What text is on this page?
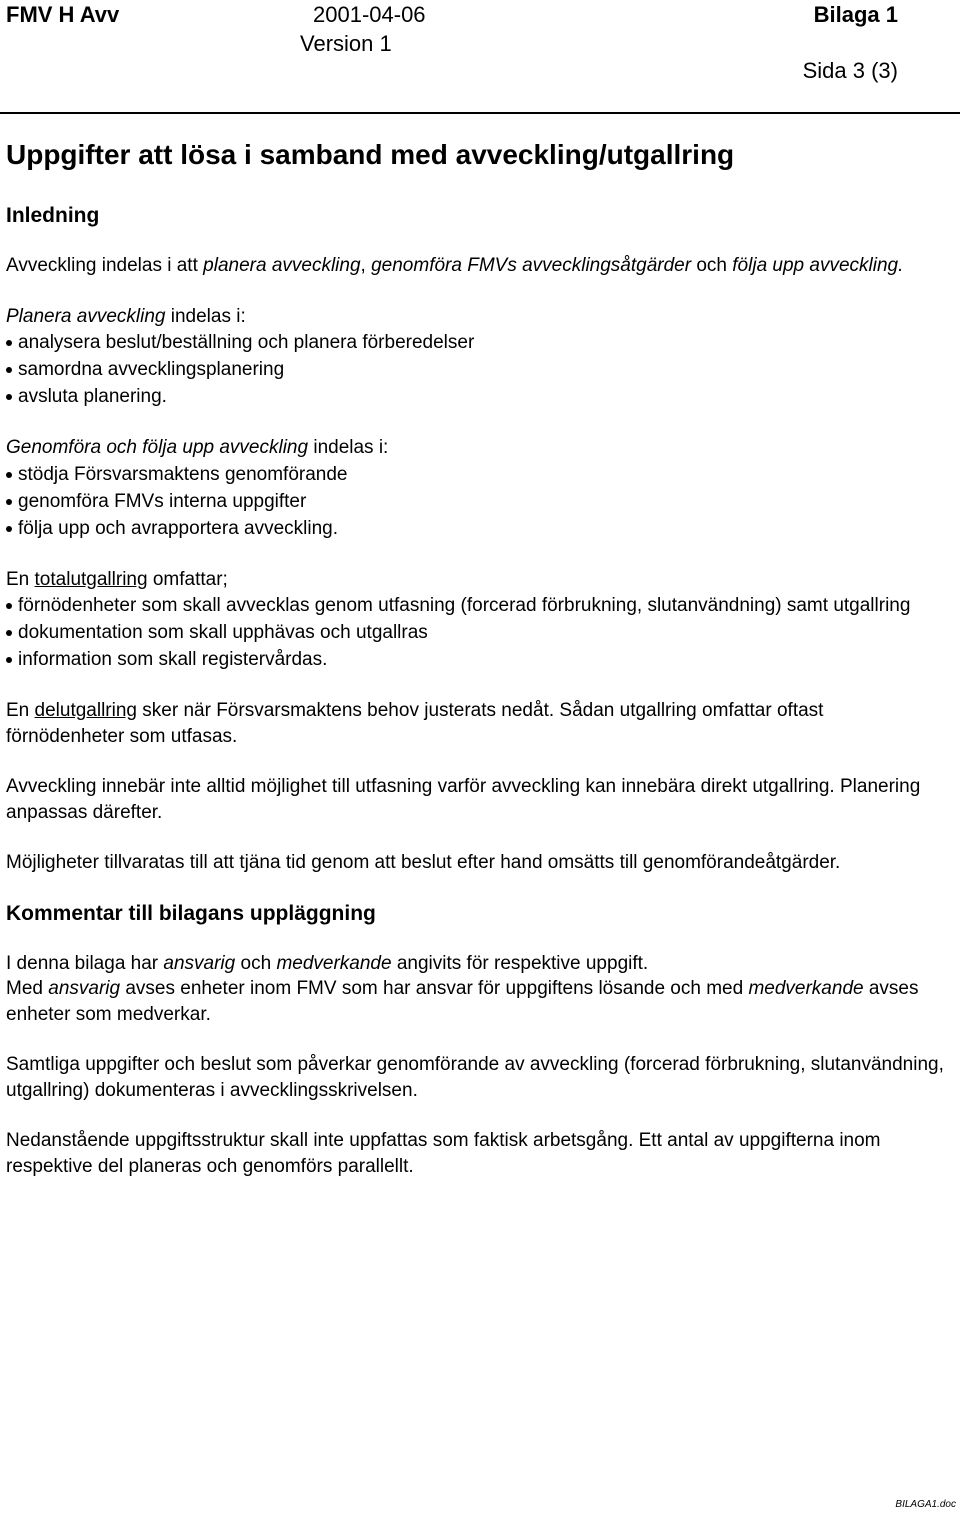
FMV H Avv	2001-04-06
Version 1
Bilaga 1
Sida 3 (3)
Uppgifter att lösa i samband med avveckling/utgallring
Inledning

Avveckling indelas i att planera avveckling, genomföra FMVs avvecklingsåtgärder och följa upp avveckling.

Planera avveckling indelas i:

analysera beslut/beställning och planera förberedelser
samordna avvecklingsplanering
avsluta planering.

Genomföra och följa upp avveckling indelas i:

stödja Försvarsmaktens genomförande
genomföra FMVs interna uppgifter
följa upp och avrapportera avveckling.

En totalutgallring omfattar;

förnödenheter som skall avvecklas genom utfasning (forcerad förbrukning, slutanvändning) samt utgallring
dokumentation som skall upphävas och utgallras
information som skall registervårdas.

En delutgallring sker när Försvarsmaktens behov justerats nedåt. Sådan utgallring omfattar oftast förnödenheter som utfasas.

Avveckling innebär inte alltid möjlighet till utfasning varför avveckling kan innebära direkt utgallring. Planering anpassas därefter.

Möjligheter tillvaratas till att tjäna tid genom att beslut efter hand omsätts till genomförandeåtgärder.

Kommentar till bilagans uppläggning

I denna bilaga har ansvarig och medverkande angivits för respektive uppgift.
Med ansvarig avses enheter inom FMV som har ansvar för uppgiftens lösande och med medverkande avses enheter som medverkar.

Samtliga uppgifter och beslut som påverkar genomförande av avveckling (forcerad förbrukning, slutanvändning, utgallring) dokumenteras i avvecklingsskrivelsen.

Nedanstående uppgiftsstruktur skall inte uppfattas som faktisk arbetsgång. Ett antal av uppgifterna inom respektive del planeras och genomförs parallellt.

BILAGA1.doc
